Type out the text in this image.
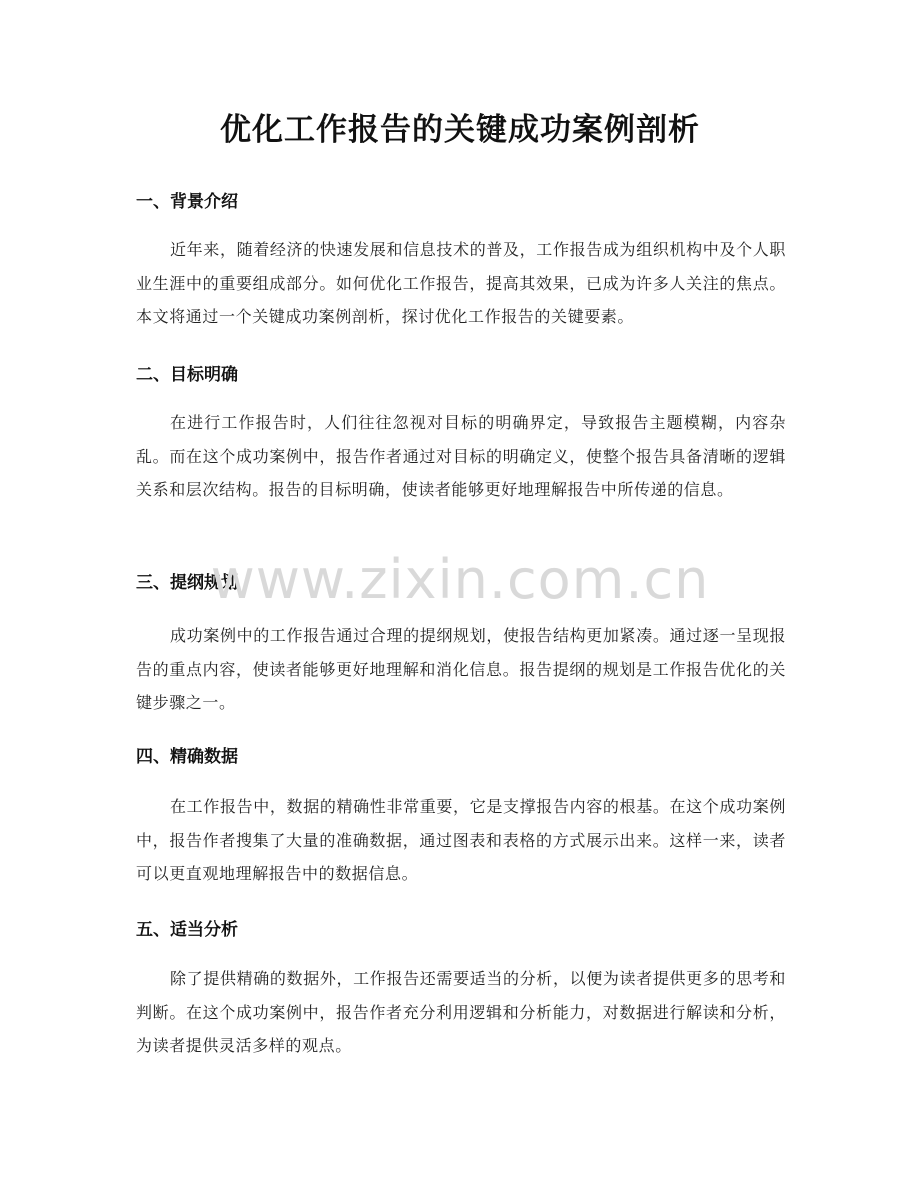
优化工作报告的关键成功案例剖析
一、背景介绍

近年来，随着经济的快速发展和信息技术的普及，工作报告成为组织机构中及个人职业生涯中的重要组成部分。如何优化工作报告，提高其效果，已成为许多人关注的焦点。本文将通过一个关键成功案例剖析，探讨优化工作报告的关键要素。

二、目标明确

在进行工作报告时，人们往往忽视对目标的明确界定，导致报告主题模糊，内容杂乱。而在这个成功案例中，报告作者通过对目标的明确定义，使整个报告具备清晰的逻辑关系和层次结构。报告的目标明确，使读者能够更好地理解报告中所传递的信息。

三、提纲规划

成功案例中的工作报告通过合理的提纲规划，使报告结构更加紧凑。通过逐一呈现报告的重点内容，使读者能够更好地理解和消化信息。报告提纲的规划是工作报告优化的关键步骤之一。

四、精确数据

在工作报告中，数据的精确性非常重要，它是支撑报告内容的根基。在这个成功案例中，报告作者搜集了大量的准确数据，通过图表和表格的方式展示出来。这样一来，读者可以更直观地理解报告中的数据信息。

五、适当分析

除了提供精确的数据外，工作报告还需要适当的分析，以便为读者提供更多的思考和判断。在这个成功案例中，报告作者充分利用逻辑和分析能力，对数据进行解读和分析，为读者提供灵活多样的观点。

www.zixin.com.cn
